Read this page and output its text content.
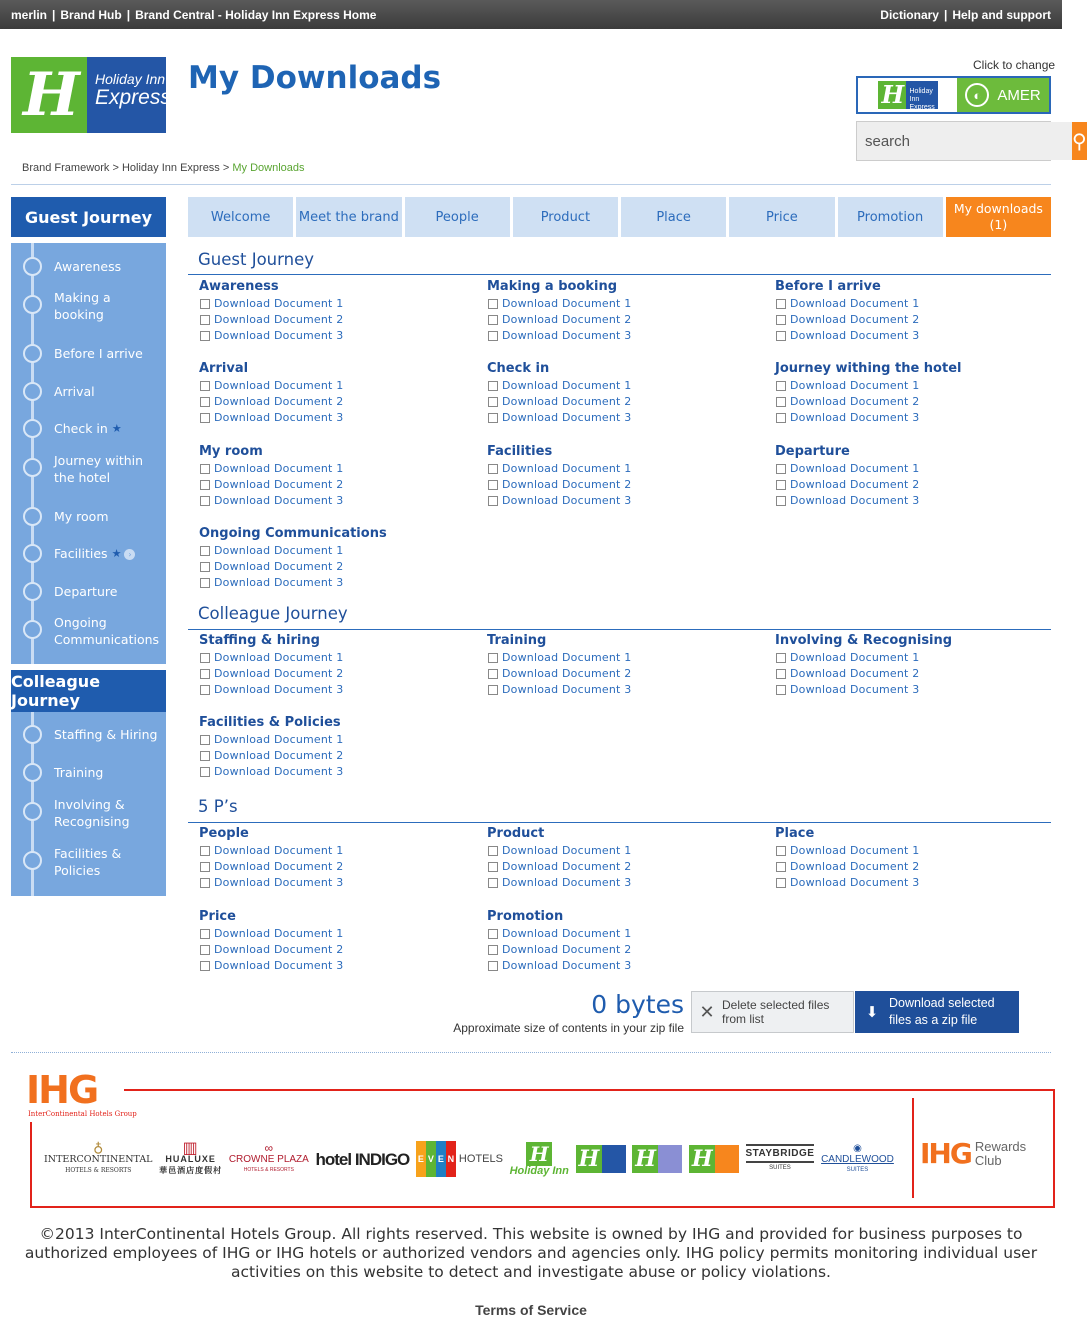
merlin | Brand Hub | Brand Central - Holiday Inn Express Home	Dictionary | Help and support
H Holiday Inn
Express
My Downloads	Click to change
H Holiday Inn Express
◐	AMER
search
⚲
Brand Framework > Holiday Inn Express > My Downloads
Guest Journey
Awareness
Making a booking
Before I arrive
Arrival
Check in ★
Journey within the hotel
My room
Facilities ★ ›
Departure
Ongoing Communications
Colleague Journey
Staffing & Hiring
Training
Involving & Recognising
Facilities & Policies
Welcome	Meet the brand	People	Product	Place	Price	Promotion
My downloads
(1)
Guest Journey
Colleague Journey
5 P’s
Awareness
Download Document 1
Download Document 2
Download Document 3
Making a booking
Download Document 1
Download Document 2
Download Document 3
Before I arrive
Download Document 1
Download Document 2
Download Document 3
Arrival
Download Document 1
Download Document 2
Download Document 3
Check in
Download Document 1
Download Document 2
Download Document 3
Journey withing the hotel
Download Document 1
Download Document 2
Download Document 3
My room
Download Document 1
Download Document 2
Download Document 3
Facilities
Download Document 1
Download Document 2
Download Document 3
Departure
Download Document 1
Download Document 2
Download Document 3
Ongoing Communications
Download Document 1
Download Document 2
Download Document 3
Staffing & hiring
Download Document 1
Download Document 2
Download Document 3
Training
Download Document 1
Download Document 2
Download Document 3
Involving & Recognising
Download Document 1
Download Document 2
Download Document 3
Facilities & Policies
Download Document 1
Download Document 2
Download Document 3
People
Download Document 1
Download Document 2
Download Document 3
Product
Download Document 1
Download Document 2
Download Document 3
Place
Download Document 1
Download Document 2
Download Document 3
Price
Download Document 1
Download Document 2
Download Document 3
Promotion
Download Document 1
Download Document 2
Download Document 3
0 bytes
Approximate size of contents in your zip file
✕ Delete selected files from list	⬇
Download selected files as a zip file
IHG
InterContinental Hotels Group
♁
INTERCONTINENTAL
HOTELS & RESORTS
▥
HUALUXE
華邑酒店度假村
∞
CROWNE PLAZA
HOTELS & RESORTS
hotel INDIGO E V E N HOTELS H
Holiday Inn H H H	STAYBRIDGE
SUITES
◉
CANDLEWOOD
SUITES	IHG Rewards Club
©2013 InterContinental Hotels Group. All rights reserved. This website is owned by IHG and provided for business purposes to authorized employees of IHG or IHG hotels or authorized vendors and agencies only. IHG policy permits monitoring individual user activities on this website to detect and investigate abuse or policy violations.
Terms of Service
